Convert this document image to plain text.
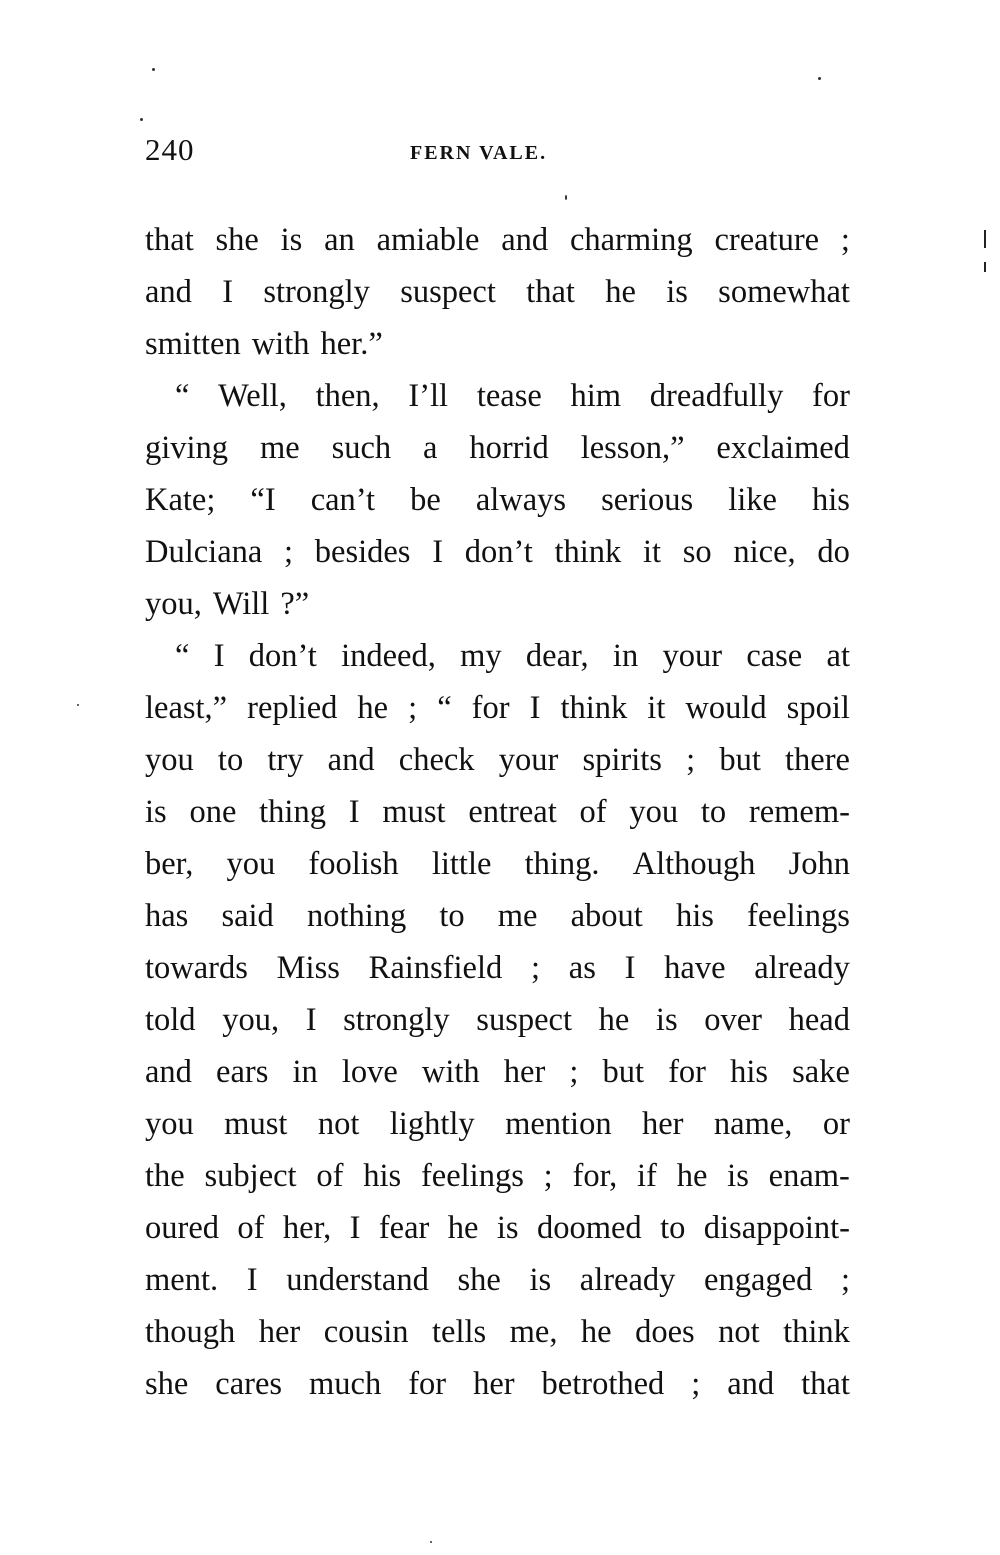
240	FERN VALE.
that she is an amiable and charming creature ;
and I strongly suspect that he is somewhat
smitten with her.”
“ Well, then, I’ll tease him dreadfully for
giving me such a horrid lesson,” exclaimed
Kate; “I can’t be always serious like his
Dulciana ; besides I don’t think it so nice, do
you, Will ?”
“ I don’t indeed, my dear, in your case at
least,” replied he ; “ for I think it would spoil
you to try and check your spirits ; but there
is one thing I must entreat of you to remem-
ber, you foolish little thing. Although John
has said nothing to me about his feelings
towards Miss Rainsfield ; as I have already
told you, I strongly suspect he is over head
and ears in love with her ; but for his sake
you must not lightly mention her name, or
the subject of his feelings ; for, if he is enam-
oured of her, I fear he is doomed to disappoint-
ment. I understand she is already engaged ;
though her cousin tells me, he does not think
she cares much for her betrothed ; and that
